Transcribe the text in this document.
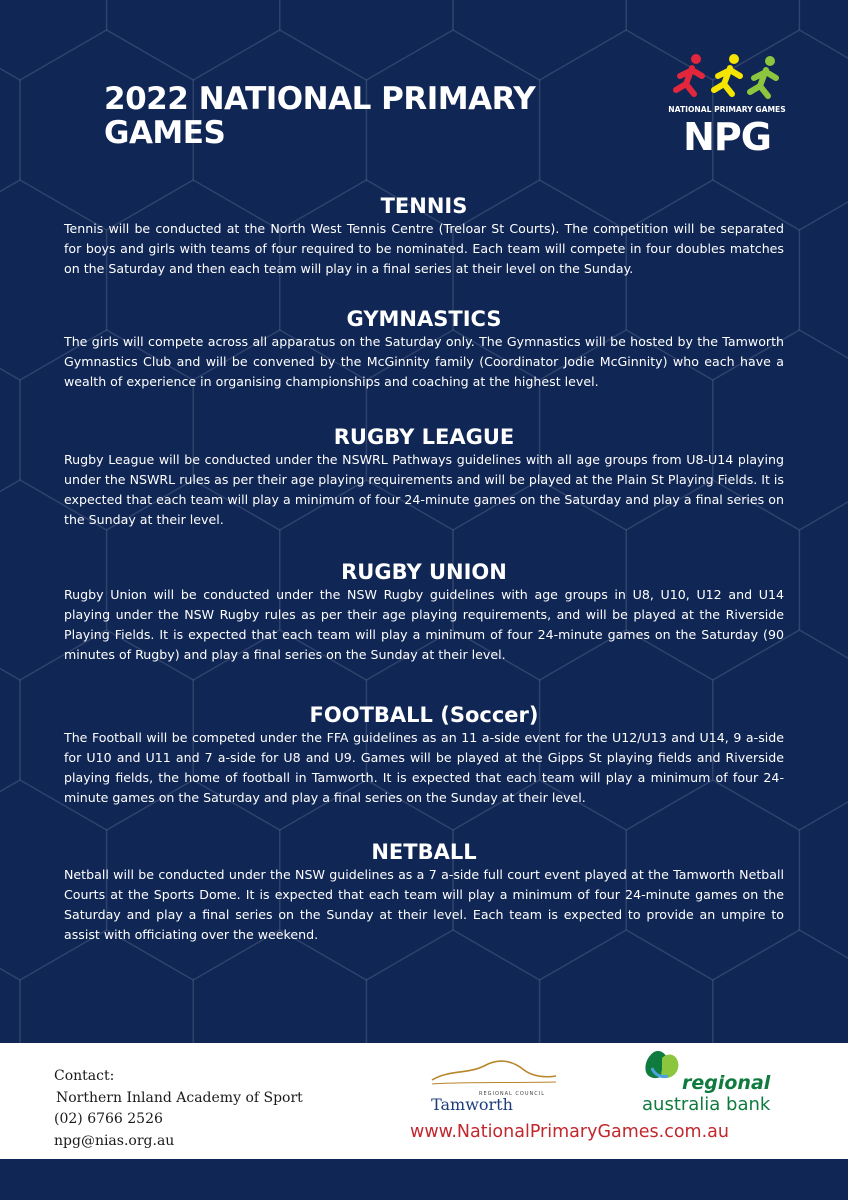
2022 NATIONAL PRIMARY GAMES
NATIONAL PRIMARY GAMES
NPG
TENNIS

Tennis will be conducted at the North West Tennis Centre (Treloar St Courts). The competition will be separated for boys and girls with teams of four required to be nominated. Each team will compete in four doubles matches on the Saturday and then each team will play in a final series at their level on the Sunday.

GYMNASTICS

The girls will compete across all apparatus on the Saturday only. The Gymnastics will be hosted by the Tamworth Gymnastics Club and will be convened by the McGinnity family (Coordinator Jodie McGinnity) who each have a wealth of experience in organising championships and coaching at the highest level.

RUGBY LEAGUE

Rugby League will be conducted under the NSWRL Pathways guidelines with all age groups from U8-U14 playing under the NSWRL rules as per their age playing requirements and will be played at the Plain St Playing Fields. It is expected that each team will play a minimum of four 24-minute games on the Saturday and play a final series on the Sunday at their level.

RUGBY UNION

Rugby Union will be conducted under the NSW Rugby guidelines with age groups in U8, U10, U12 and U14 playing under the NSW Rugby rules as per their age playing requirements, and will be played at the Riverside Playing Fields. It is expected that each team will play a minimum of four 24-minute games on the Saturday (90 minutes of Rugby) and play a final series on the Sunday at their level.

FOOTBALL (Soccer)

The Football will be competed under the FFA guidelines as an 11 a-side event for the U12/U13 and U14, 9 a-side for U10 and U11 and 7 a-side for U8 and U9. Games will be played at the Gipps St playing fields and Riverside playing fields, the home of football in Tamworth. It is expected that each team will play a minimum of four 24-minute games on the Saturday and play a final series on the Sunday at their level.

NETBALL

Netball will be conducted under the NSW guidelines as a 7 a-side full court event played at the Tamworth Netball Courts at the Sports Dome. It is expected that each team will play a minimum of four 24-minute games on the Saturday and play a final series on the Sunday at their level. Each team is expected to provide an umpire to assist with officiating over the weekend.

Contact:
Northern Inland Academy of Sport
(02) 6766 2526
npg@nias.org.au
REGIONAL COUNCIL
Tamworth
regional
australia bank
www.NationalPrimaryGames.com.au
